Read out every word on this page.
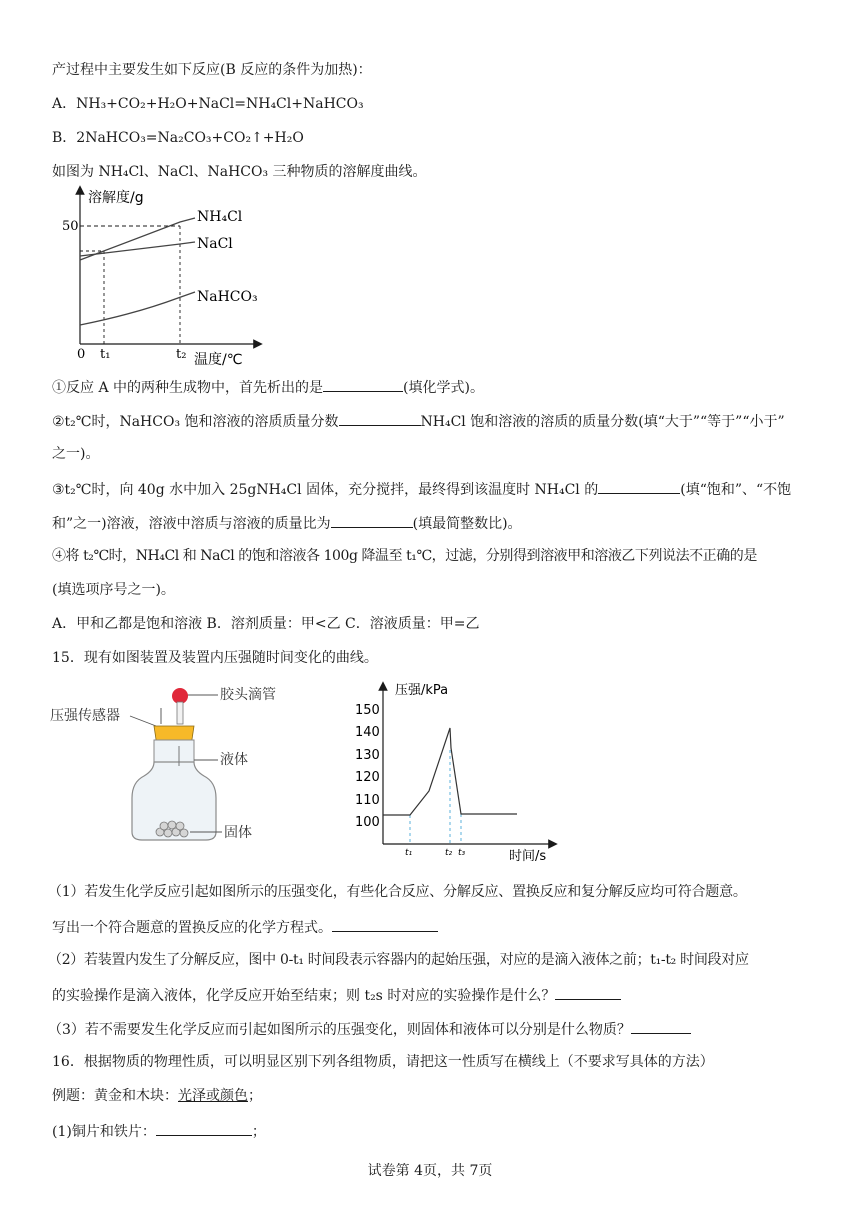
产过程中主要发生如下反应(B 反应的条件为加热)：
A．NH₃+CO₂+H₂O+NaCl=NH₄Cl+NaHCO₃
B．2NaHCO₃=Na₂CO₃+CO₂↑+H₂O
如图为 NH₄Cl、NaCl、NaHCO₃ 三种物质的溶解度曲线。
溶解度/g
温度/℃
50
0 t₁	t₂
NH₄Cl
NaCl
NaHCO₃
①反应 A 中的两种生成物中，首先析出的是	(填化学式)。
②t₂℃时，NaHCO₃ 饱和溶液的溶质质量分数	NH₄Cl 饱和溶液的溶质的质量分数(填“大于”“等于”“小于”
之一)。
③t₂℃时，向 40g 水中加入 25gNH₄Cl 固体，充分搅拌，最终得到该温度时 NH₄Cl 的	(填“饱和”、“不饱
和”之一)溶液，溶液中溶质与溶液的质量比为	(填最简整数比)。
④将 t₂℃时，NH₄Cl 和 NaCl 的饱和溶液各 100g 降温至 t₁℃，过滤，分别得到溶液甲和溶液乙下列说法不正确的是
(填选项序号之一)。
A．甲和乙都是饱和溶液 B．溶剂质量：甲<乙 C．溶液质量：甲=乙
15．现有如图装置及装置内压强随时间变化的曲线。
压强传感器
胶头滴管
液体
固体
压强/kPa
时间/s
100
110
120
130
140
150
t₁	t₂ t₃
（1）若发生化学反应引起如图所示的压强变化，有些化合反应、分解反应、置换反应和复分解反应均可符合题意。
写出一个符合题意的置换反应的化学方程式。
（2）若装置内发生了分解反应，图中 0-t₁ 时间段表示容器内的起始压强，对应的是滴入液体之前；t₁-t₂ 时间段对应
的实验操作是滴入液体，化学反应开始至结束；则 t₂s 时对应的实验操作是什么？
（3）若不需要发生化学反应而引起如图所示的压强变化，则固体和液体可以分别是什么物质？
16．根据物质的物理性质，可以明显区别下列各组物质，请把这一性质写在横线上（不要求写具体的方法）
例题：黄金和木块：光泽或颜色；
(1)铜片和铁片：	；
试卷第 4页，共 7页
